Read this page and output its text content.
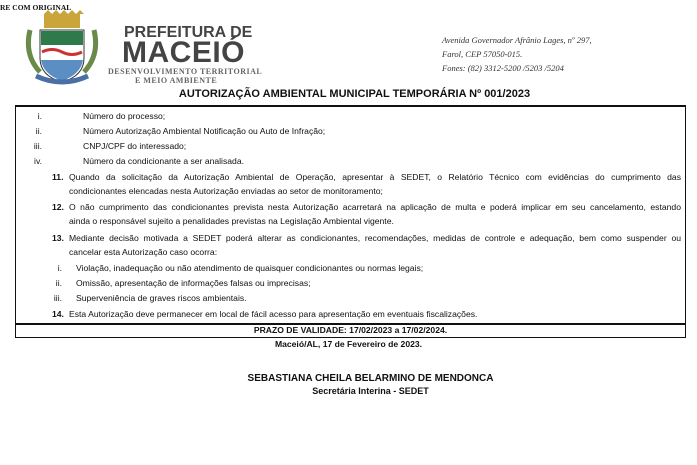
RE COM ORIGINAL
PREFEITURA DE
MACEIÓ
DESENVOLVIMENTO TERRITORIAL
E MEIO AMBIENTE
Avenida Governador Afrânio Lages, nº 297,
Farol, CEP 57050-015.
Fones: (82) 3312-5200 /5203 /5204
AUTORIZAÇÃO AMBIENTAL MUNICIPAL TEMPORÁRIA Nº 001/2023
i.	Número do processo;
ii.	Número Autorização Ambiental Notificação ou Auto de Infração;
iii.	CNPJ/CPF do interessado;
iv.	Número da condicionante a ser analisada.
11. Quando da solicitação da Autorização Ambiental de Operação, apresentar à SEDET, o Relatório Técnico com evidências do cumprimento das
condicionantes elencadas nesta Autorização enviadas ao setor de monitoramento;
12. O não cumprimento das condicionantes prevista nesta Autorização acarretará na aplicação de multa e poderá implicar em seu cancelamento, estando
ainda o responsável sujeito a penalidades previstas na Legislação Ambiental vigente.
13. Mediante decisão motivada a SEDET poderá alterar as condicionantes, recomendações, medidas de controle e adequação, bem como suspender ou
cancelar esta Autorização caso ocorra:
i. Violação, inadequação ou não atendimento de quaisquer condicionantes ou normas legais;
ii. Omissão, apresentação de informações falsas ou imprecisas;
iii. Superveniência de graves riscos ambientais.
14. Esta Autorização deve permanecer em local de fácil acesso para apresentação em eventuais fiscalizações.
PRAZO DE VALIDADE: 17/02/2023 a 17/02/2024.
Maceió/AL, 17 de Fevereiro de 2023.
SEBASTIANA CHEILA BELARMINO DE MENDONCA
Secretária Interina - SEDET
